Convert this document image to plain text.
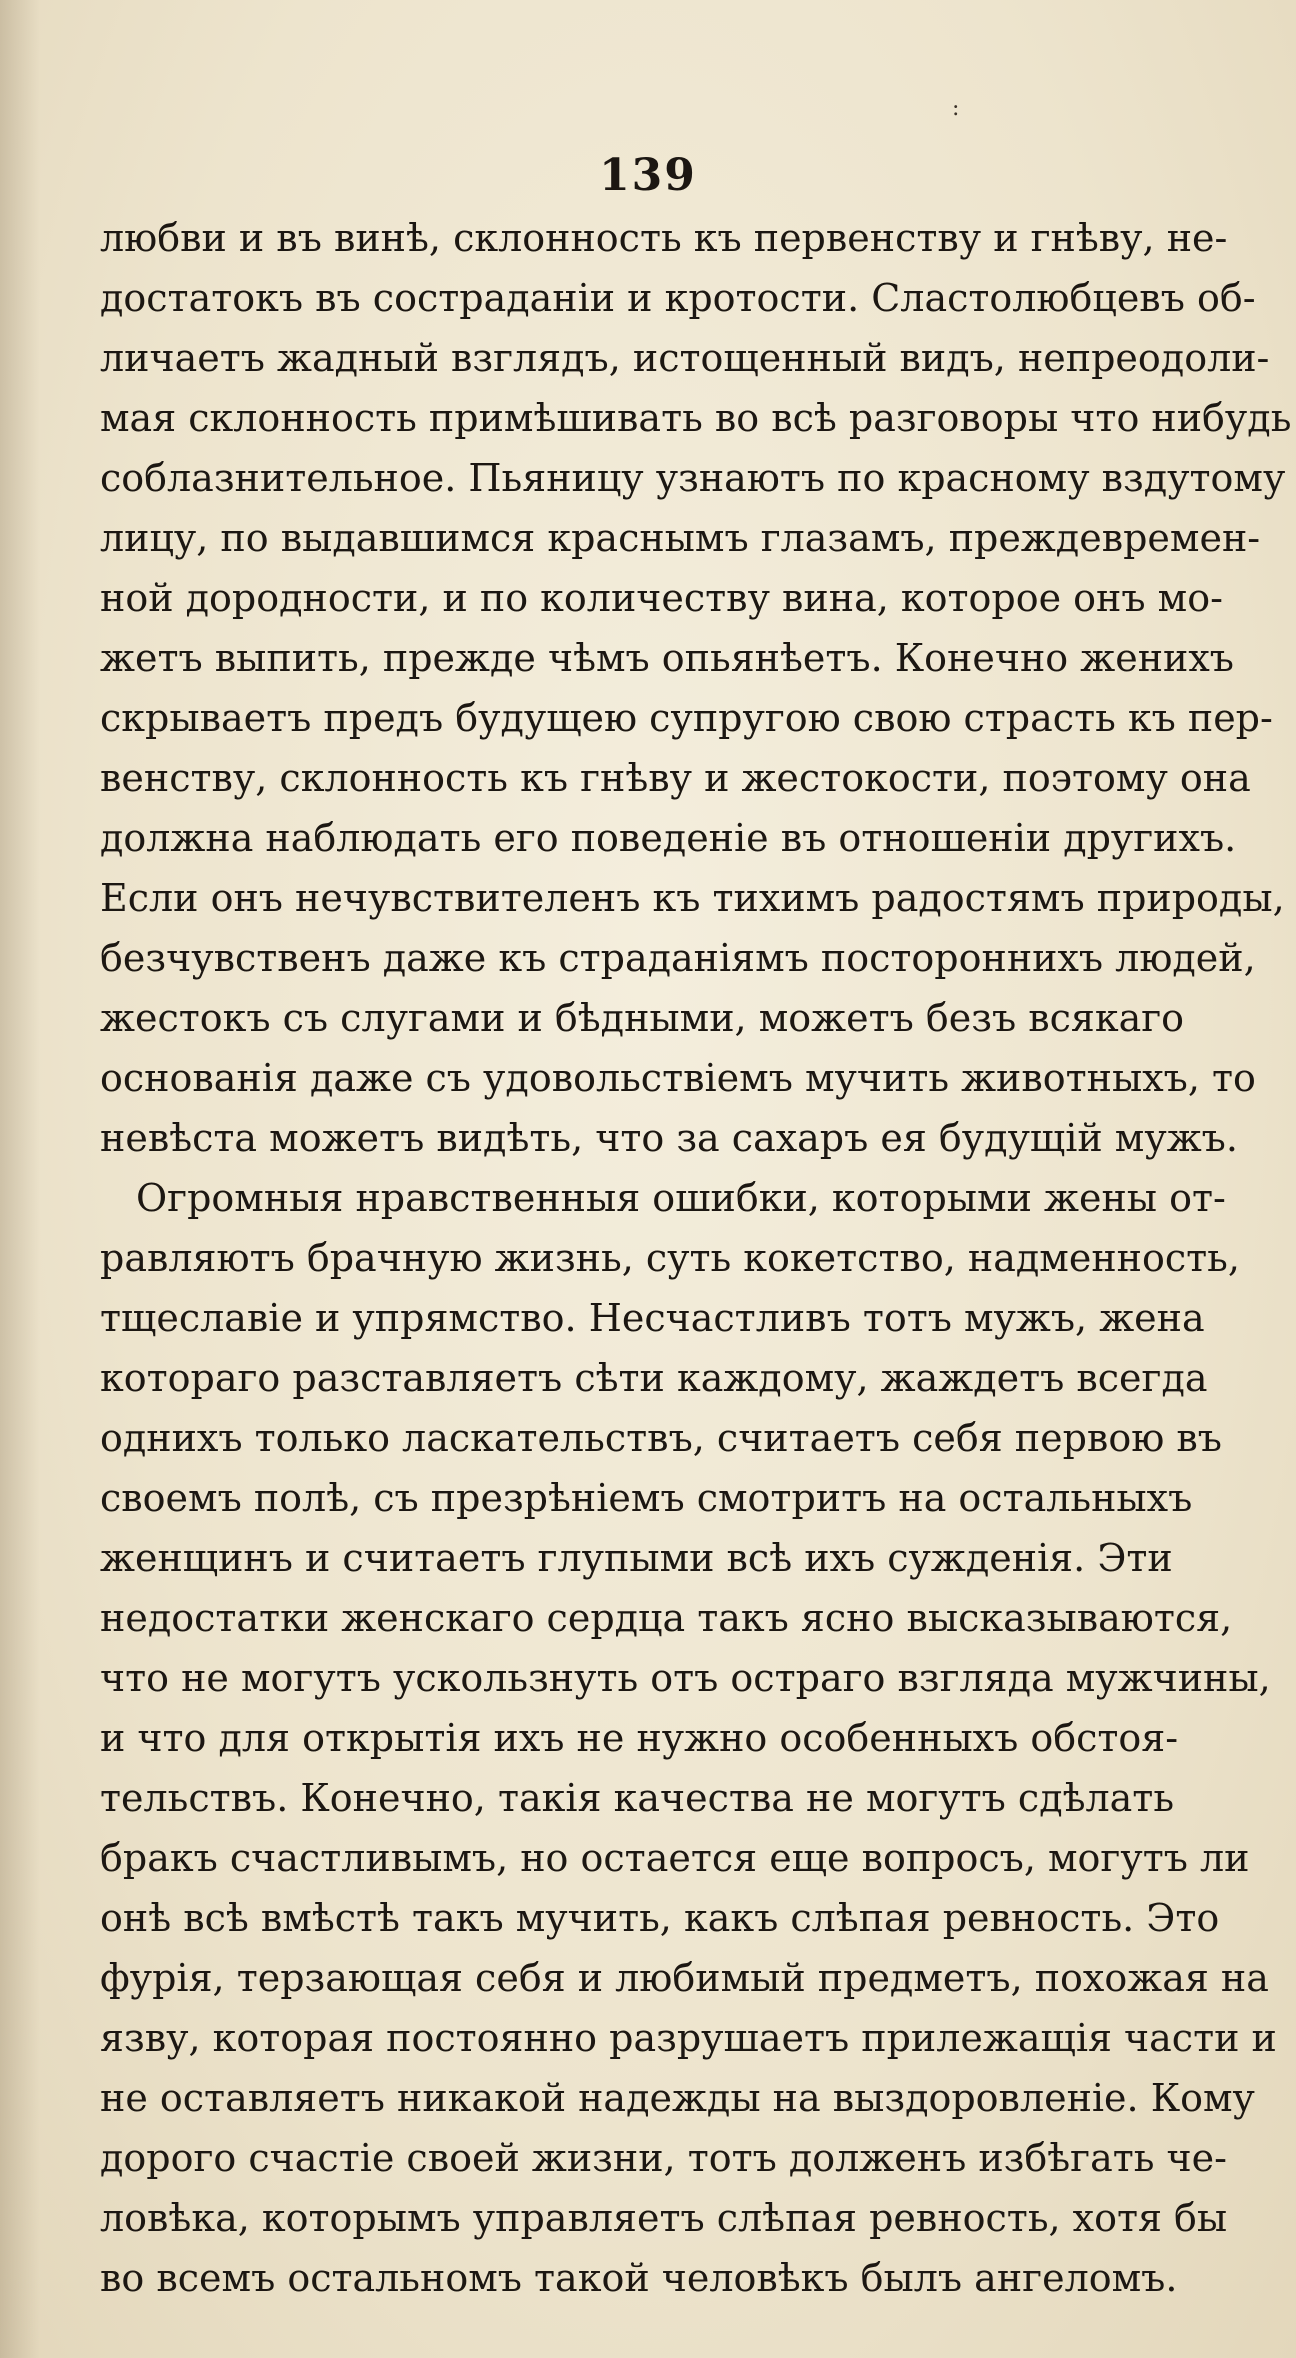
:
139
любви и въ винѣ, склонность къ первенству и гнѣву, не-
достатокъ въ состраданіи и кротости. Сластолюбцевъ об-
личаетъ жадный взглядъ, истощенный видъ, непреодоли-
мая склонность примѣшивать во всѣ разговоры что нибудь
соблазнительное. Пьяницу узнаютъ по красному вздутому
лицу, по выдавшимся краснымъ глазамъ, преждевремен-
ной дородности, и по количеству вина, которое онъ мо-
жетъ выпить, прежде чѣмъ опьянѣетъ. Конечно женихъ
скрываетъ предъ будущею супругою свою страсть къ пер-
венству, склонность къ гнѣву и жестокости, поэтому она
должна наблюдать его поведеніе въ отношеніи другихъ.
Если онъ нечувствителенъ къ тихимъ радостямъ природы,
безчувственъ даже къ страданіямъ постороннихъ людей,
жестокъ съ слугами и бѣдными, можетъ безъ всякаго
основанія даже съ удовольствіемъ мучить животныхъ, то
невѣста можетъ видѣть, что за сахаръ ея будущій мужъ.
Огромныя нравственныя ошибки, которыми жены от-
равляютъ брачную жизнь, суть кокетство, надменность,
тщеславіе и упрямство. Несчастливъ тотъ мужъ, жена
котораго разставляетъ сѣти каждому, жаждетъ всегда
однихъ только ласкательствъ, считаетъ себя первою въ
своемъ полѣ, съ презрѣніемъ смотритъ на остальныхъ
женщинъ и считаетъ глупыми всѣ ихъ сужденія. Эти
недостатки женскаго сердца такъ ясно высказываются,
что не могутъ ускользнуть отъ остраго взгляда мужчины,
и что для открытія ихъ не нужно особенныхъ обстоя-
тельствъ. Конечно, такія качества не могутъ сдѣлать
бракъ счастливымъ, но остается еще вопросъ, могутъ ли
онѣ всѣ вмѣстѣ такъ мучить, какъ слѣпая ревность. Это
фурія, терзающая себя и любимый предметъ, похожая на
язву, которая постоянно разрушаетъ прилежащія части и
не оставляетъ никакой надежды на выздоровленіе. Кому
дорого счастіе своей жизни, тотъ долженъ избѣгать че-
ловѣка, которымъ управляетъ слѣпая ревность, хотя бы
во всемъ остальномъ такой человѣкъ былъ ангеломъ.
